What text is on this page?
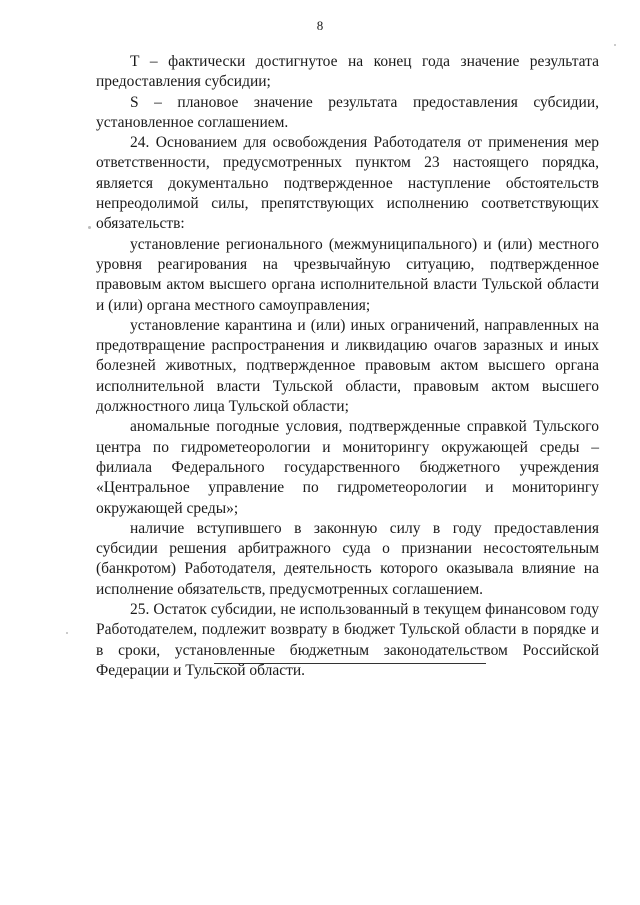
8

Т – фактически достигнутое на конец года значение результата предоставления субсидии;

S – плановое значение результата предоставления субсидии, установленное соглашением.

24. Основанием для освобождения Работодателя от применения мер ответственности, предусмотренных пунктом 23 настоящего порядка, является документально подтвержденное наступление обстоятельств непреодолимой силы, препятствующих исполнению соответствующих обязательств:

установление регионального (межмуниципального) и (или) местного уровня реагирования на чрезвычайную ситуацию, подтвержденное правовым актом высшего органа исполнительной власти Тульской области и (или) органа местного самоуправления;

установление карантина и (или) иных ограничений, направленных на предотвращение распространения и ликвидацию очагов заразных и иных болезней животных, подтвержденное правовым актом высшего органа исполнительной власти Тульской области, правовым актом высшего должностного лица Тульской области;

аномальные погодные условия, подтвержденные справкой Тульского центра по гидрометеорологии и мониторингу окружающей среды – филиала Федерального государственного бюджетного учреждения «Центральное управление по гидрометеорологии и мониторингу окружающей среды»;

наличие вступившего в законную силу в году предоставления субсидии решения арбитражного суда о признании несостоятельным (банкротом) Работодателя, деятельность которого оказывала влияние на исполнение обязательств, предусмотренных соглашением.

25. Остаток субсидии, не использованный в текущем финансовом году Работодателем, подлежит возврату в бюджет Тульской области в порядке и в сроки, установленные бюджетным законодательством Российской Федерации и Тульской области.
